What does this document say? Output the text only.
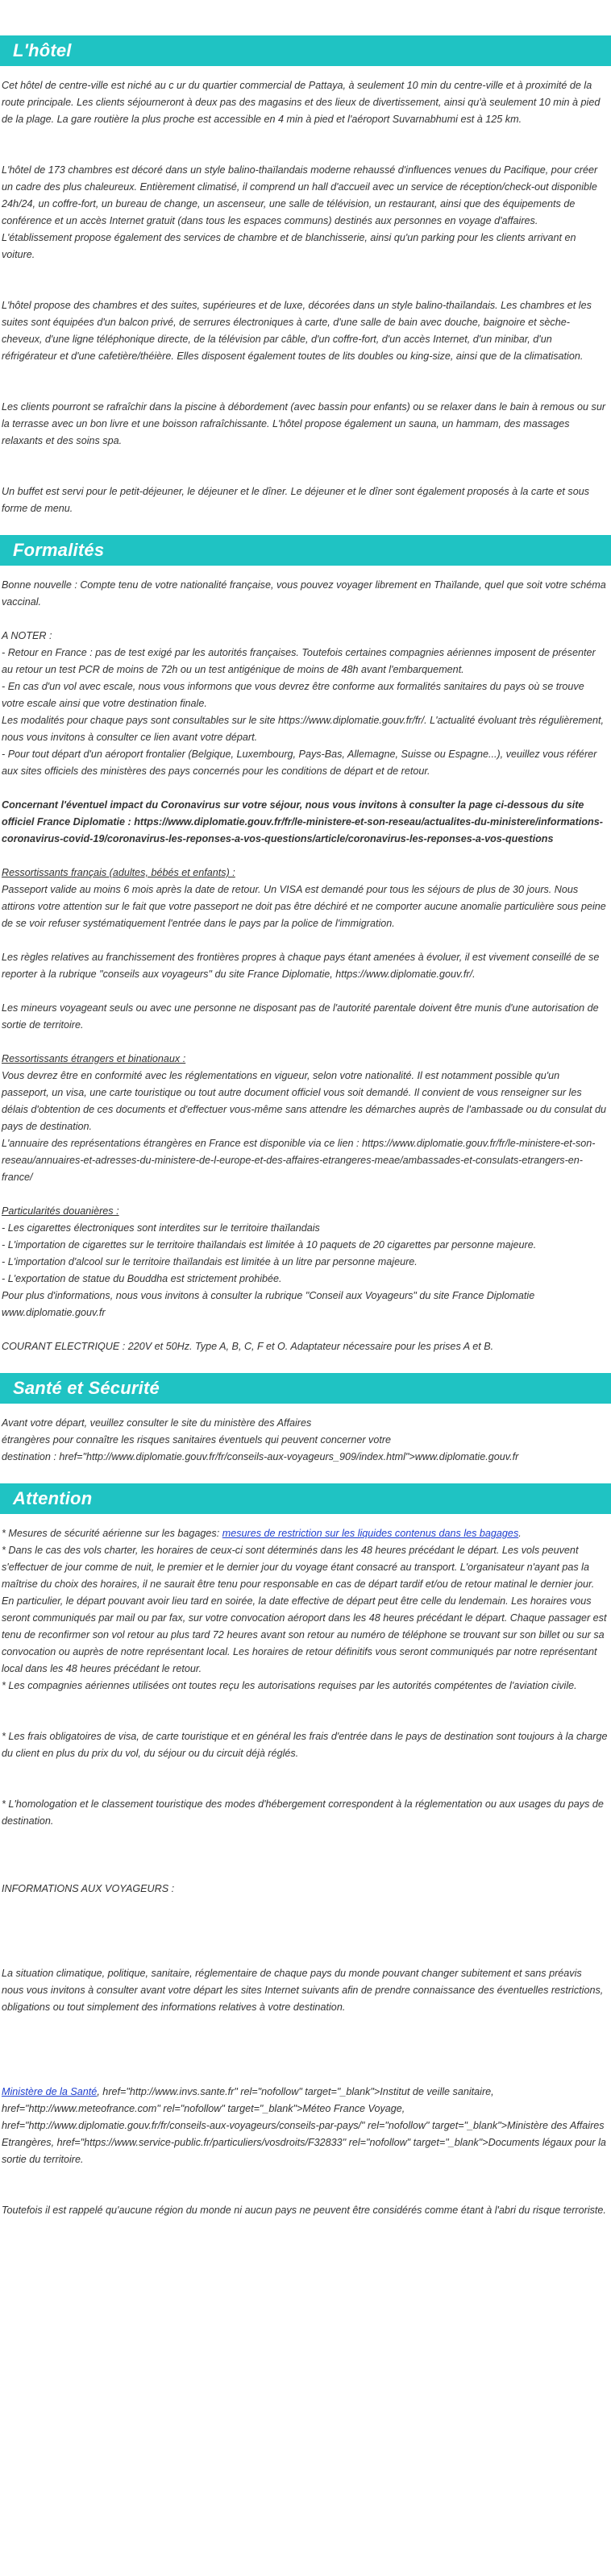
L'hôtel

Cet hôtel de centre-ville est niché au c ur du quartier commercial de Pattaya, à seulement 10 min du centre-ville et à proximité de la route principale. Les clients séjourneront à deux pas des magasins et des lieux de divertissement, ainsi qu'à seulement 10 min à pied de la plage. La gare routière la plus proche est accessible en 4 min à pied et l'aéroport Suvarnabhumi est à 125 km.

L'hôtel de 173 chambres est décoré dans un style balino-thaïlandais moderne rehaussé d'influences venues du Pacifique, pour créer un cadre des plus chaleureux. Entièrement climatisé, il comprend un hall d'accueil avec un service de réception/check-out disponible 24h/24, un coffre-fort, un bureau de change, un ascenseur, une salle de télévision, un restaurant, ainsi que des équipements de conférence et un accès Internet gratuit (dans tous les espaces communs) destinés aux personnes en voyage d'affaires. L'établissement propose également des services de chambre et de blanchisserie, ainsi qu'un parking pour les clients arrivant en voiture.

L'hôtel propose des chambres et des suites, supérieures et de luxe, décorées dans un style balino-thaïlandais. Les chambres et les suites sont équipées d'un balcon privé, de serrures électroniques à carte, d'une salle de bain avec douche, baignoire et sèche-cheveux, d'une ligne téléphonique directe, de la télévision par câble, d'un coffre-fort, d'un accès Internet, d'un minibar, d'un réfrigérateur et d'une cafetière/théière. Elles disposent également toutes de lits doubles ou king-size, ainsi que de la climatisation.

Les clients pourront se rafraîchir dans la piscine à débordement (avec bassin pour enfants) ou se relaxer dans le bain à remous ou sur la terrasse avec un bon livre et une boisson rafraîchissante. L'hôtel propose également un sauna, un hammam, des massages relaxants et des soins spa.

Un buffet est servi pour le petit-déjeuner, le déjeuner et le dîner. Le déjeuner et le dîner sont également proposés à la carte et sous forme de menu.

Formalités

Bonne nouvelle : Compte tenu de votre nationalité française, vous pouvez voyager librement en Thaïlande, quel que soit votre schéma vaccinal.

A NOTER :

- Retour en France : pas de test exigé par les autorités françaises. Toutefois certaines compagnies aériennes imposent de présenter au retour un test PCR de moins de 72h ou un test antigénique de moins de 48h avant l'embarquement.

- En cas d'un vol avec escale, nous vous informons que vous devrez être conforme aux formalités sanitaires du pays où se trouve votre escale ainsi que votre destination finale.

Les modalités pour chaque pays sont consultables sur le site https://www.diplomatie.gouv.fr/fr/. L'actualité évoluant très régulièrement, nous vous invitons à consulter ce lien avant votre départ.

- Pour tout départ d'un aéroport frontalier (Belgique, Luxembourg, Pays-Bas, Allemagne, Suisse ou Espagne...), veuillez vous référer aux sites officiels des ministères des pays concernés pour les conditions de départ et de retour.

Concernant l'éventuel impact du Coronavirus sur votre séjour, nous vous invitons à consulter la page ci-dessous du site officiel France Diplomatie : https://www.diplomatie.gouv.fr/fr/le-ministere-et-son-reseau/actualites-du-ministere/informations-coronavirus-covid-19/coronavirus-les-reponses-a-vos-questions/article/coronavirus-les-reponses-a-vos-questions

Ressortissants français (adultes, bébés et enfants) :

Passeport valide au moins 6 mois après la date de retour. Un VISA est demandé pour tous les séjours de plus de 30 jours. Nous attirons votre attention sur le fait que votre passeport ne doit pas être déchiré et ne comporter aucune anomalie particulière sous peine de se voir refuser systématiquement l'entrée dans le pays par la police de l'immigration.

Les règles relatives au franchissement des frontières propres à chaque pays étant amenées à évoluer, il est vivement conseillé de se reporter à la rubrique "conseils aux voyageurs" du site France Diplomatie, https://www.diplomatie.gouv.fr/.

Les mineurs voyageant seuls ou avec une personne ne disposant pas de l'autorité parentale doivent être munis d'une autorisation de sortie de territoire.

Ressortissants étrangers et binationaux :

Vous devrez être en conformité avec les réglementations en vigueur, selon votre nationalité. Il est notamment possible qu'un passeport, un visa, une carte touristique ou tout autre document officiel vous soit demandé. Il convient de vous renseigner sur les délais d'obtention de ces documents et d'effectuer vous-même sans attendre les démarches auprès de l'ambassade ou du consulat du pays de destination.

L'annuaire des représentations étrangères en France est disponible via ce lien : https://www.diplomatie.gouv.fr/fr/le-ministere-et-son-reseau/annuaires-et-adresses-du-ministere-de-l-europe-et-des-affaires-etrangeres-meae/ambassades-et-consulats-etrangers-en-france/

Particularités douanières :

- Les cigarettes électroniques sont interdites sur le territoire thaïlandais

- L'importation de cigarettes sur le territoire thaïlandais est limitée à 10 paquets de 20 cigarettes par personne majeure.

- L'importation d'alcool sur le territoire thaïlandais est limitée à un litre par personne majeure.

- L'exportation de statue du Bouddha est strictement prohibée.

Pour plus d'informations, nous vous invitons à consulter la rubrique "Conseil aux Voyageurs" du site France Diplomatie www.diplomatie.gouv.fr

COURANT ELECTRIQUE : 220V et 50Hz. Type A, B, C, F et O. Adaptateur nécessaire pour les prises A et B.

Santé et Sécurité

Avant votre départ, veuillez consulter le site du ministère des Affaires

étrangères pour connaître les risques sanitaires éventuels qui peuvent concerner votre

destination : href="http://www.diplomatie.gouv.fr/fr/conseils-aux-voyageurs_909/index.html">www.diplomatie.gouv.fr

Attention

* Mesures de sécurité aérienne sur les bagages: mesures de restriction sur les liquides contenus dans les bagages.

* Dans le cas des vols charter, les horaires de ceux-ci sont déterminés dans les 48 heures précédant le départ. Les vols peuvent s'effectuer de jour comme de nuit, le premier et le dernier jour du voyage étant consacré au transport. L'organisateur n'ayant pas la maîtrise du choix des horaires, il ne saurait être tenu pour responsable en cas de départ tardif et/ou de retour matinal le dernier jour. En particulier, le départ pouvant avoir lieu tard en soirée, la date effective de départ peut être celle du lendemain. Les horaires vous seront communiqués par mail ou par fax, sur votre convocation aéroport dans les 48 heures précédant le départ. Chaque passager est tenu de reconfirmer son vol retour au plus tard 72 heures avant son retour au numéro de téléphone se trouvant sur son billet ou sur sa convocation ou auprès de notre représentant local. Les horaires de retour définitifs vous seront communiqués par notre représentant local dans les 48 heures précédant le retour.

* Les compagnies aériennes utilisées ont toutes reçu les autorisations requises par les autorités compétentes de l'aviation civile.

* Les frais obligatoires de visa, de carte touristique et en général les frais d'entrée dans le pays de destination sont toujours à la charge du client en plus du prix du vol, du séjour ou du circuit déjà réglés.

* L'homologation et le classement touristique des modes d'hébergement correspondent à la réglementation ou aux usages du pays de destination.

INFORMATIONS AUX VOYAGEURS :

La situation climatique, politique, sanitaire, réglementaire de chaque pays du monde pouvant changer subitement et sans préavis

nous vous invitons à consulter avant votre départ les sites Internet suivants afin de prendre connaissance des éventuelles restrictions, obligations ou tout simplement des informations relatives à votre destination.

Ministère de la Santé, href="http://www.invs.sante.fr" rel="nofollow" target="_blank">Institut de veille sanitaire, href="http://www.meteofrance.com" rel="nofollow" target="_blank">Méteo France Voyage, href="http://www.diplomatie.gouv.fr/fr/conseils-aux-voyageurs/conseils-par-pays/" rel="nofollow" target="_blank">Ministère des Affaires Etrangères, href="https://www.service-public.fr/particuliers/vosdroits/F32833" rel="nofollow" target="_blank">Documents légaux pour la sortie du territoire.

Toutefois il est rappelé qu'aucune région du monde ni aucun pays ne peuvent être considérés comme étant à l'abri du risque terroriste.
